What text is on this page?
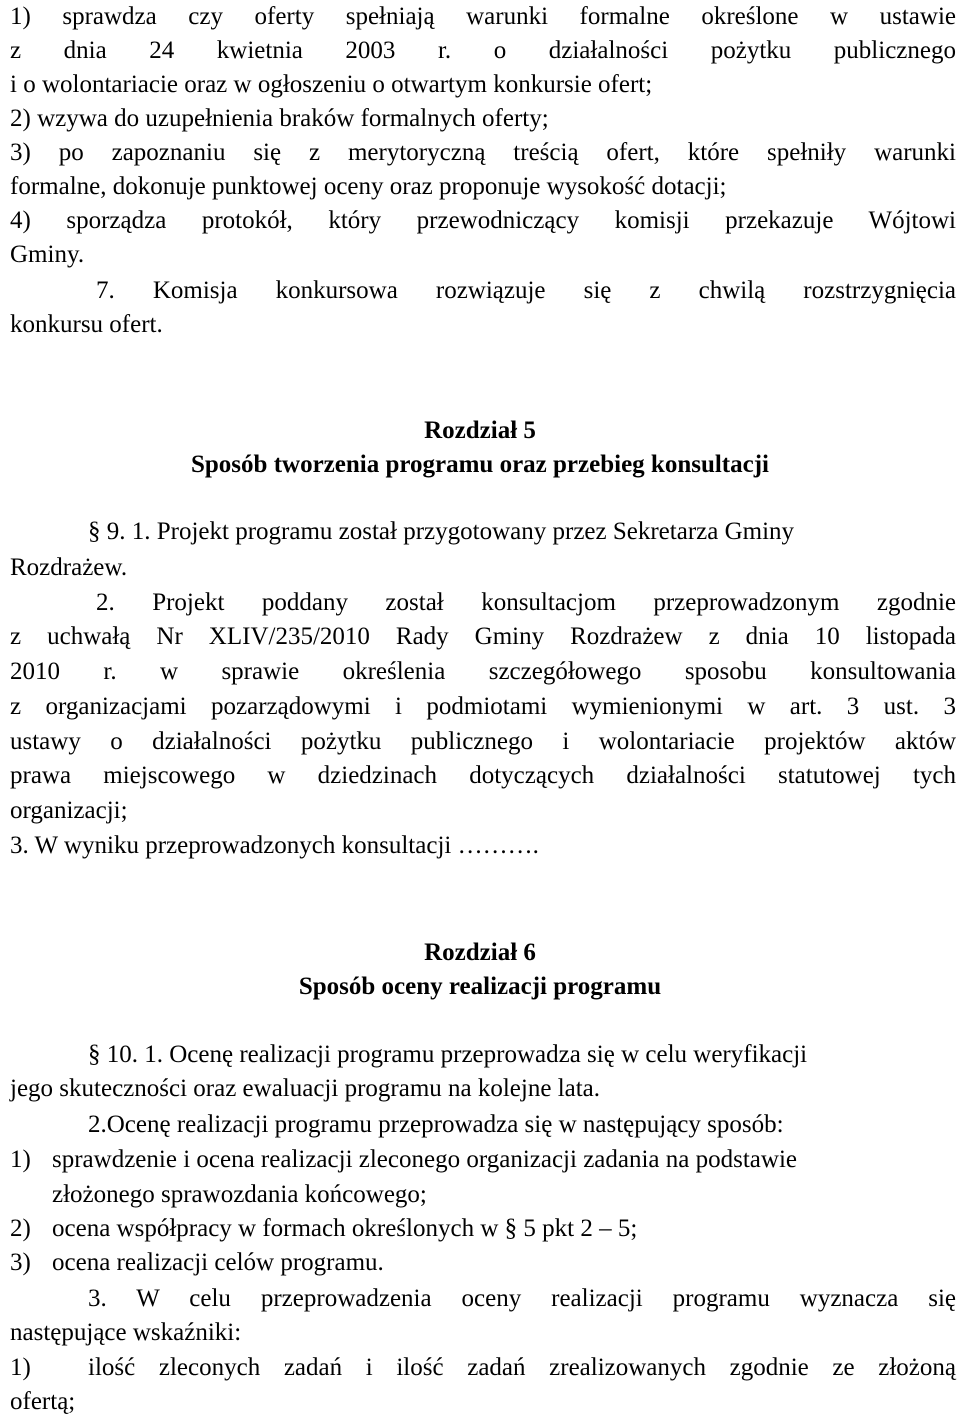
1) sprawdza czy oferty spełniają warunki formalne określone w ustawie
z dnia 24 kwietnia 2003 r. o działalności pożytku publicznego
i o wolontariacie oraz w ogłoszeniu o otwartym konkursie ofert;
2) wzywa do uzupełnienia braków formalnych oferty;
3) po zapoznaniu się z merytoryczną treścią ofert, które spełniły warunki
formalne, dokonuje punktowej oceny oraz proponuje wysokość dotacji;
4) sporządza protokół, który przewodniczący komisji przekazuje Wójtowi
Gminy.
7. Komisja konkursowa rozwiązuje się z chwilą rozstrzygnięcia
konkursu ofert.
Rozdział 5
Sposób tworzenia programu oraz przebieg konsultacji
§ 9. 1. Projekt programu został przygotowany przez Sekretarza Gminy
Rozdrażew.
2. Projekt poddany został konsultacjom przeprowadzonym zgodnie
z uchwałą Nr XLIV/235/2010 Rady Gminy Rozdrażew z dnia 10 listopada
2010 r. w sprawie określenia szczegółowego sposobu konsultowania
z organizacjami pozarządowymi i podmiotami wymienionymi w art. 3 ust. 3
ustawy o działalności pożytku publicznego i wolontariacie projektów aktów
prawa miejscowego w dziedzinach dotyczących działalności statutowej tych
organizacji;
3. W wyniku przeprowadzonych konsultacji ……….
Rozdział 6
Sposób oceny realizacji programu
§ 10. 1. Ocenę realizacji programu przeprowadza się w celu weryfikacji
jego skuteczności oraz ewaluacji programu na kolejne lata.
2.Ocenę realizacji programu przeprowadza się w następujący sposób:
1) sprawdzenie i ocena realizacji zleconego organizacji zadania na podstawie
złożonego sprawozdania końcowego;
2) ocena współpracy w formach określonych w § 5 pkt 2 – 5;
3) ocena realizacji celów programu.
3. W celu przeprowadzenia oceny realizacji programu wyznacza się
następujące wskaźniki:
1) ilość zleconych zadań i ilość zadań zrealizowanych zgodnie ze złożoną
ofertą;
